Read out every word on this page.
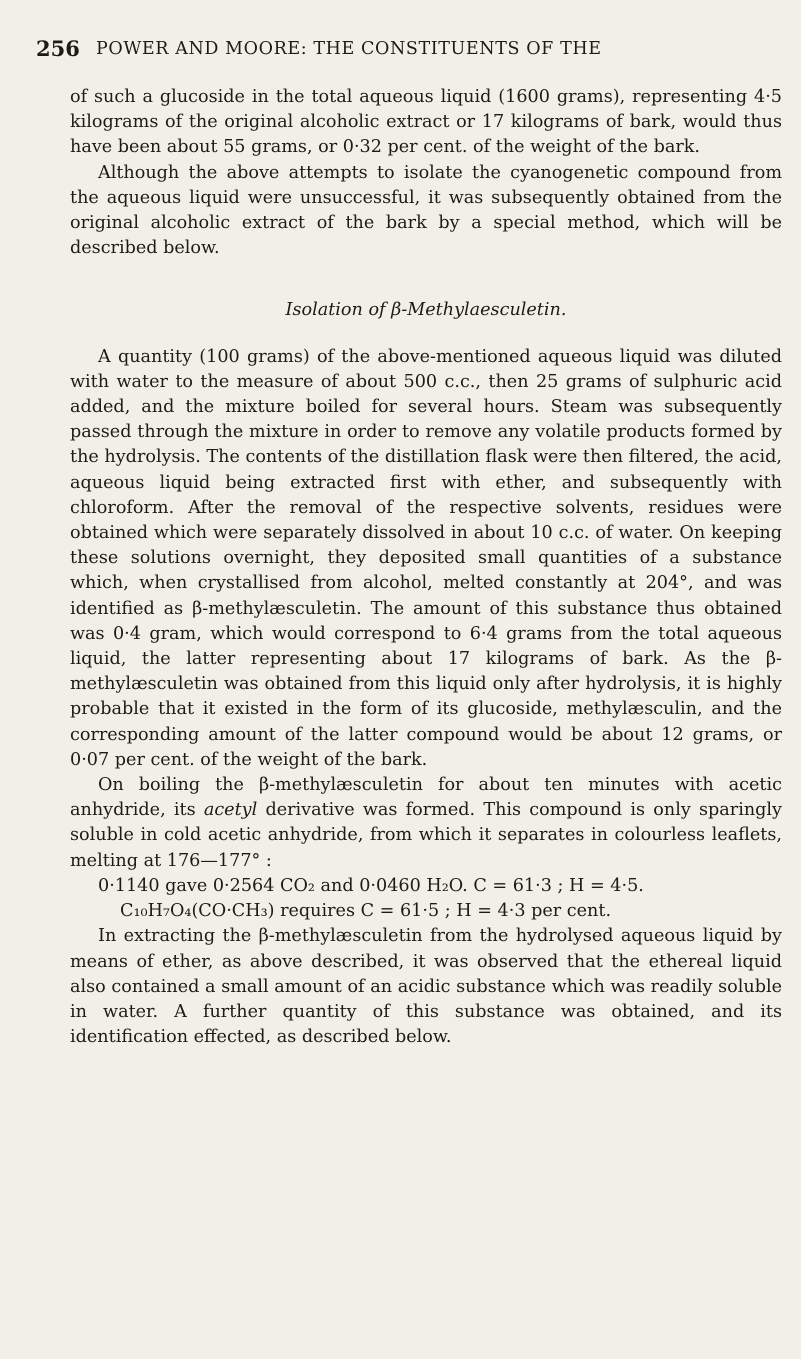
256 POWER AND MOORE: THE CONSTITUENTS OF THE

of such a glucoside in the total aqueous liquid (1600 grams), representing 4·5 kilograms of the original alcoholic extract or 17 kilograms of bark, would thus have been about 55 grams, or 0·32 per cent. of the weight of the bark.

Although the above attempts to isolate the cyanogenetic compound from the aqueous liquid were unsuccessful, it was subsequently obtained from the original alcoholic extract of the bark by a special method, which will be described below.

Isolation of β-Methylaesculetin.

A quantity (100 grams) of the above-mentioned aqueous liquid was diluted with water to the measure of about 500 c.c., then 25 grams of sulphuric acid added, and the mixture boiled for several hours. Steam was subsequently passed through the mixture in order to remove any volatile products formed by the hydrolysis. The contents of the distillation flask were then filtered, the acid, aqueous liquid being extracted first with ether, and subsequently with chloroform. After the removal of the respective solvents, residues were obtained which were separately dissolved in about 10 c.c. of water. On keeping these solutions overnight, they deposited small quantities of a substance which, when crystallised from alcohol, melted constantly at 204°, and was identified as β-methylæsculetin. The amount of this substance thus obtained was 0·4 gram, which would correspond to 6·4 grams from the total aqueous liquid, the latter representing about 17 kilograms of bark. As the β-methylæsculetin was obtained from this liquid only after hydrolysis, it is highly probable that it existed in the form of its glucoside, methylæsculin, and the corresponding amount of the latter compound would be about 12 grams, or 0·07 per cent. of the weight of the bark.

On boiling the β-methylæsculetin for about ten minutes with acetic anhydride, its acetyl derivative was formed. This compound is only sparingly soluble in cold acetic anhydride, from which it separates in colourless leaflets, melting at 176—177° :

0·1140 gave 0·2564 CO₂ and 0·0460 H₂O. C = 61·3 ; H = 4·5.

C₁₀H₇O₄(CO·CH₃) requires C = 61·5 ; H = 4·3 per cent.

In extracting the β-methylæsculetin from the hydrolysed aqueous liquid by means of ether, as above described, it was observed that the ethereal liquid also contained a small amount of an acidic substance which was readily soluble in water. A further quantity of this substance was obtained, and its identification effected, as described below.
